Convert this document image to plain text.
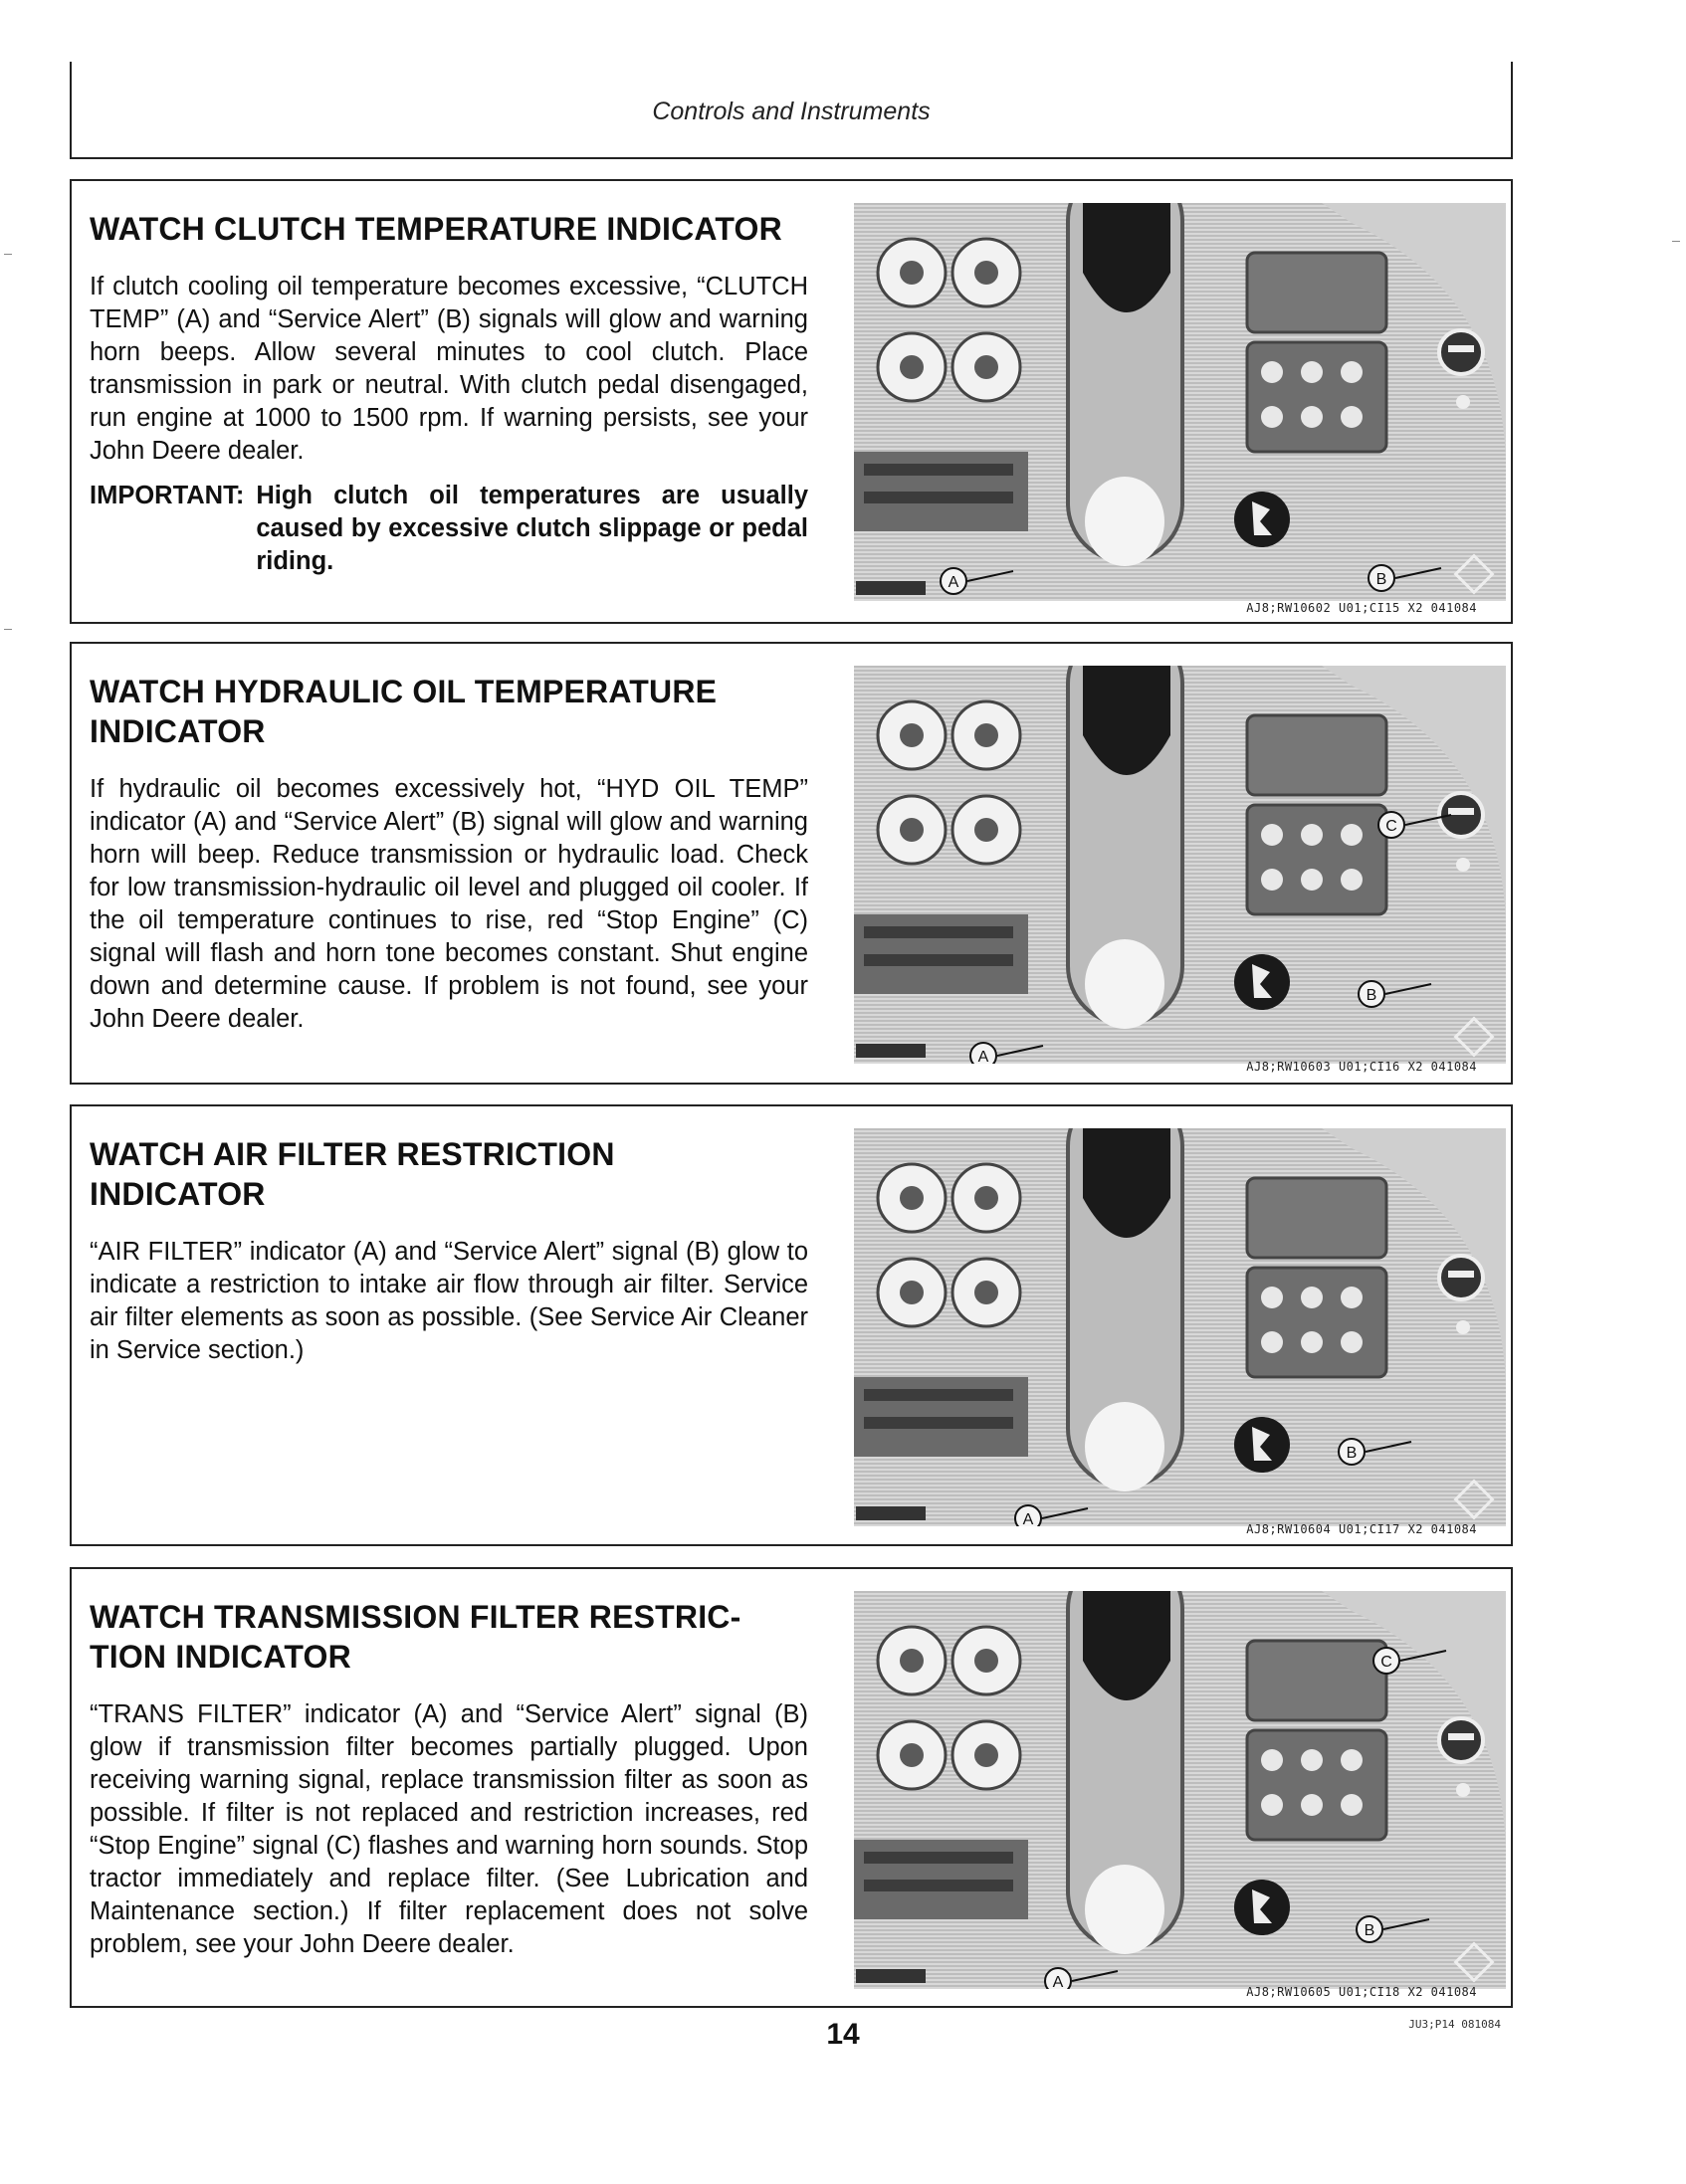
Controls and Instruments
WATCH CLUTCH TEMPERATURE INDICATOR
If clutch cooling oil temperature becomes excessive, “CLUTCH TEMP” (A) and “Service Alert” (B) signals will glow and warning horn beeps. Allow several minutes to cool clutch. Place transmission in park or neutral. With clutch pedal disengaged, run engine at 1000 to 1500 rpm. If warning persists, see your John Deere dealer.
IMPORTANT: High clutch oil temperatures are usually caused by excessive clutch slippage or pedal riding.
A	B
AJ8;RW10602 U01;CI15 X2 041084
WATCH HYDRAULIC OIL TEMPERATURE
INDICATOR
If hydraulic oil becomes excessively hot, “HYD OIL TEMP” indicator (A) and “Service Alert” (B) signal will glow and warning horn will beep. Reduce transmission or hydraulic load. Check for low transmission-hydraulic oil level and plugged oil cooler. If the oil temperature continues to rise, red “Stop Engine” (C) signal will flash and horn tone becomes constant. Shut engine down and determine cause. If problem is not found, see your John Deere dealer.
A
B
C
AJ8;RW10603 U01;CI16 X2 041084
WATCH AIR FILTER RESTRICTION
INDICATOR
“AIR FILTER” indicator (A) and “Service Alert” signal (B) glow to indicate a restriction to intake air flow through air filter. Service air filter elements as soon as possible. (See Service Air Cleaner in Service section.)
A
B
AJ8;RW10604 U01;CI17 X2 041084
WATCH TRANSMISSION FILTER RESTRIC-
TION INDICATOR
“TRANS FILTER” indicator (A) and “Service Alert” signal (B) glow if transmission filter becomes partially plugged. Upon receiving warning signal, replace transmission filter as soon as possible. If filter is not replaced and restriction increases, red “Stop Engine” signal (C) flashes and warning horn sounds. Stop tractor immediately and replace filter. (See Lubrication and Maintenance section.) If filter replacement does not solve problem, see your John Deere dealer.
A
B
C
AJ8;RW10605 U01;CI18 X2 041084
14	JU3;P14 081084
